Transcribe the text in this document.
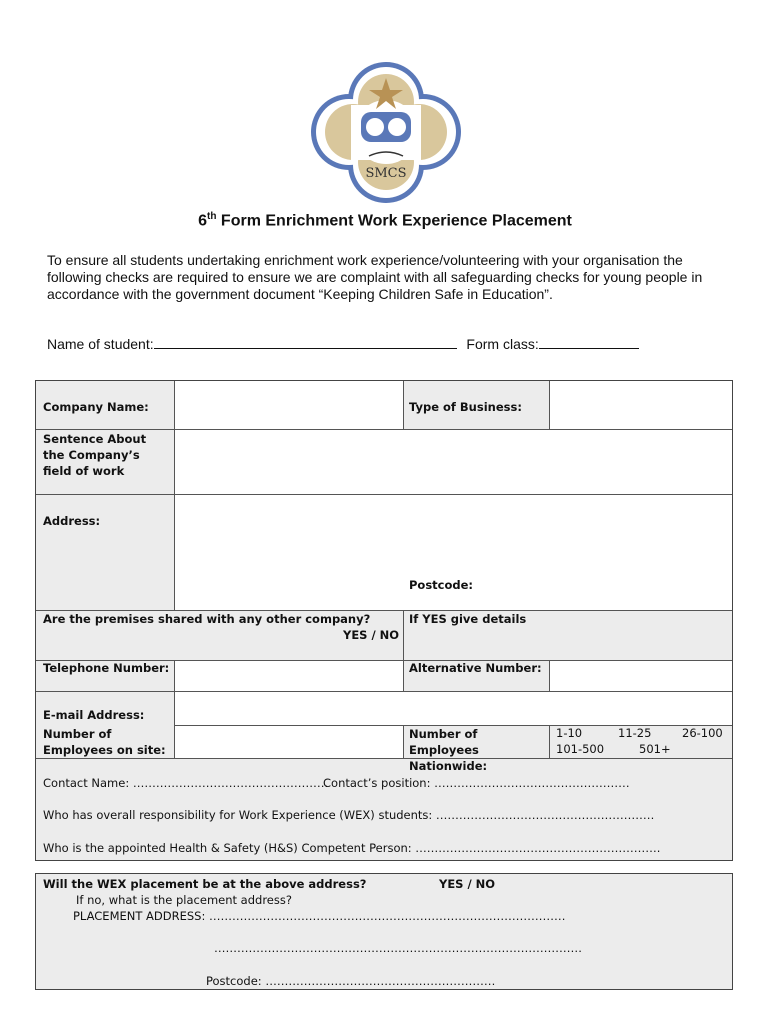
SMCS
6th Form Enrichment Work Experience Placement
To ensure all students undertaking enrichment work experience/volunteering with your organisation the following checks are required to ensure we are complaint with all safeguarding checks for young people in accordance with the government document “Keeping Children Safe in Education”.
Name of student:	Form class:
Company Name:	Type of Business:
Sentence About the Company’s field of work
Address:
Postcode:
Are the premises shared with any other company?
YES / NO
If YES give details
Telephone Number:	Alternative Number:
E-mail Address:
Number of Employees on site:
Number of Employees Nationwide:
1-10	11-25	26-100
101-500	501+
Contact Name: ……………………………………………
Contact’s position: ……………………………………………
Who has overall responsibility for Work Experience (WEX) students: …………………………………………………
Who is the appointed Health & Safety (H&S) Competent Person: ……………………………………………………….
Will the WEX placement be at the above address?	YES / NO
If no, what is the placement address?
PLACEMENT ADDRESS: …………………………………………………………………………………
……………………………………………………………………………………
Postcode: ……………………………………………………
